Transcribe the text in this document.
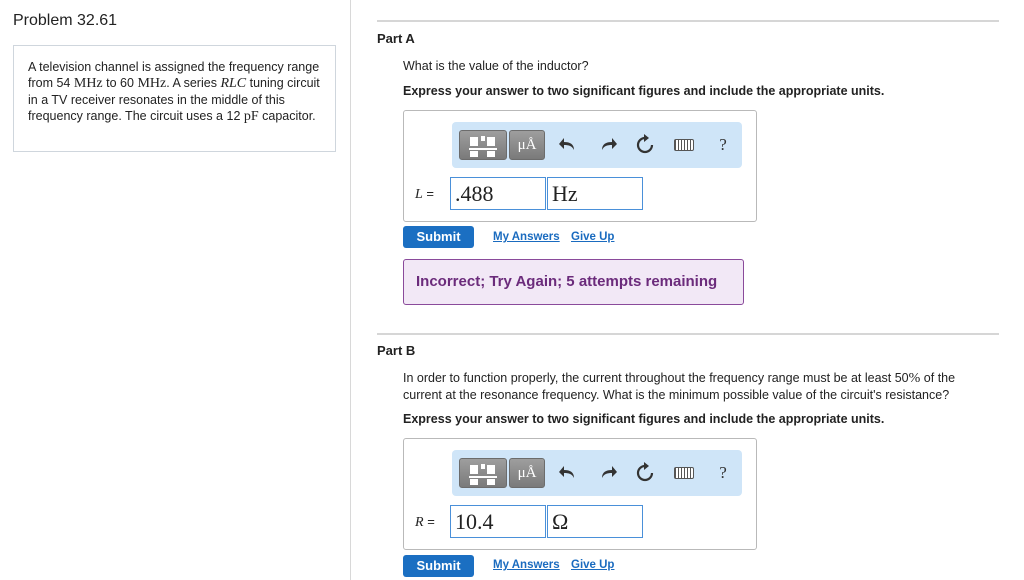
Problem 32.61
A television channel is assigned the frequency range from 54 MHz to 60 MHz. A series RLC tuning circuit in a TV receiver resonates in the middle of this frequency range. The circuit uses a 12 pF capacitor.
Part A
What is the value of the inductor?
Express your answer to two significant figures and include the appropriate units.
μÅ	?
L = .488	Hz
Submit	My Answers Give Up
Incorrect; Try Again; 5 attempts remaining
Part B
In order to function properly, the current throughout the frequency range must be at least 50% of the current at the resonance frequency. What is the minimum possible value of the circuit's resistance?
Express your answer to two significant figures and include the appropriate units.
μÅ	?
R = 10.4	Ω
Submit	My Answers Give Up
